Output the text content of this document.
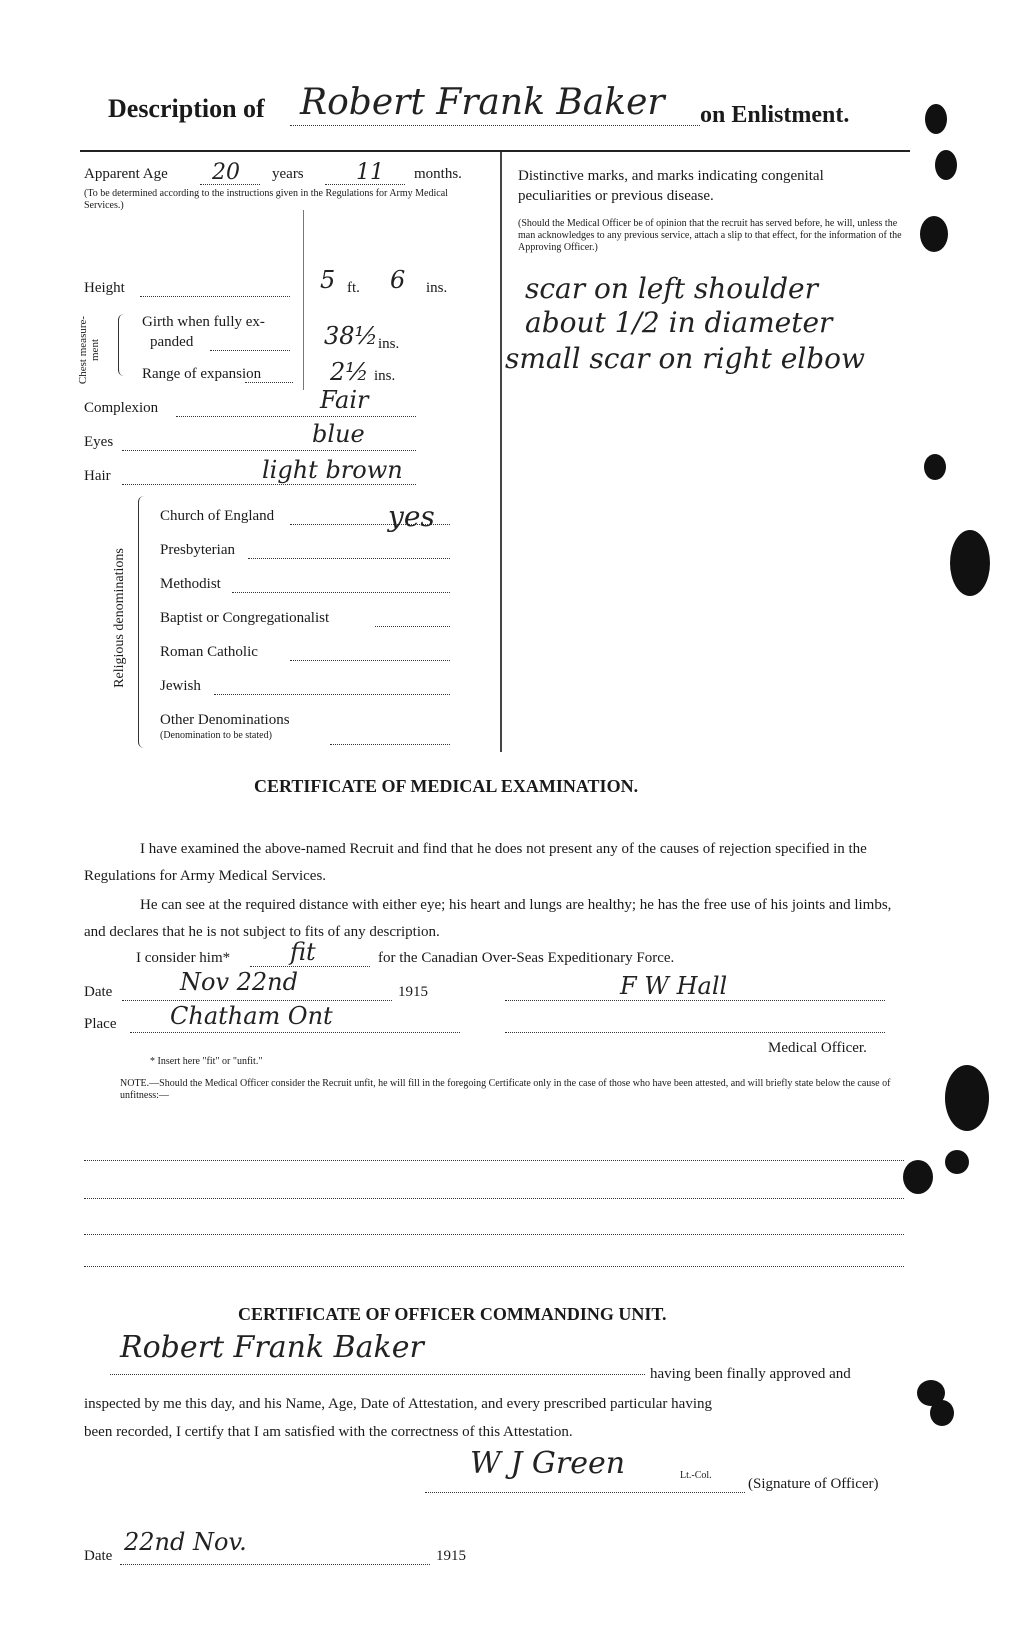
Description of Robert Frank Baker on Enlistment.
Apparent Age 20 years 11 months.
(To be determined according to the instructions given in the Regulations for Army Medical Services.)
Height	5 ft. 6 ins.
Chest measure-ment
Girth when fully ex-
panded	38½ ins.
Range of expansion	2½ ins.
Complexion	Fair
Eyes	blue
Hair	light brown
Religious denominations
Church of England	yes
Presbyterian
Methodist
Baptist or Congregationalist
Roman Catholic
Jewish
Other Denominations
(Denomination to be stated)
Distinctive marks, and marks indicating congenital
peculiarities or previous disease.
(Should the Medical Officer be of opinion that the recruit has served before, he will, unless the man acknowledges to any previous service, attach a slip to that effect, for the information of the Approving Officer.)
scar on left shoulder
about 1/2 in diameter
small scar on right elbow
CERTIFICATE OF MEDICAL EXAMINATION.
I have examined the above-named Recruit and find that he does not present any of the causes of rejection specified in the Regulations for Army Medical Services.
He can see at the required distance with either eye; his heart and lungs are healthy; he has the free use of his joints and limbs, and declares that he is not subject to fits of any description.
I consider him* fit	for the Canadian Over-Seas Expeditionary Force.
Date	Nov 22nd	1915	F W Hall
Place Chatham Ont
Medical Officer.
* Insert here "fit" or "unfit."
NOTE.—Should the Medical Officer consider the Recruit unfit, he will fill in the foregoing Certificate only in the case of those who have been attested, and will briefly state below the cause of unfitness:—
CERTIFICATE OF OFFICER COMMANDING UNIT.
Robert Frank Baker
having been finally approved and
inspected by me this day, and his Name, Age, Date of Attestation, and every prescribed particular having
been recorded, I certify that I am satisfied with the correctness of this Attestation.
W J Green	Lt.-Col.
(Signature of Officer)
Date 22nd Nov.	1915
